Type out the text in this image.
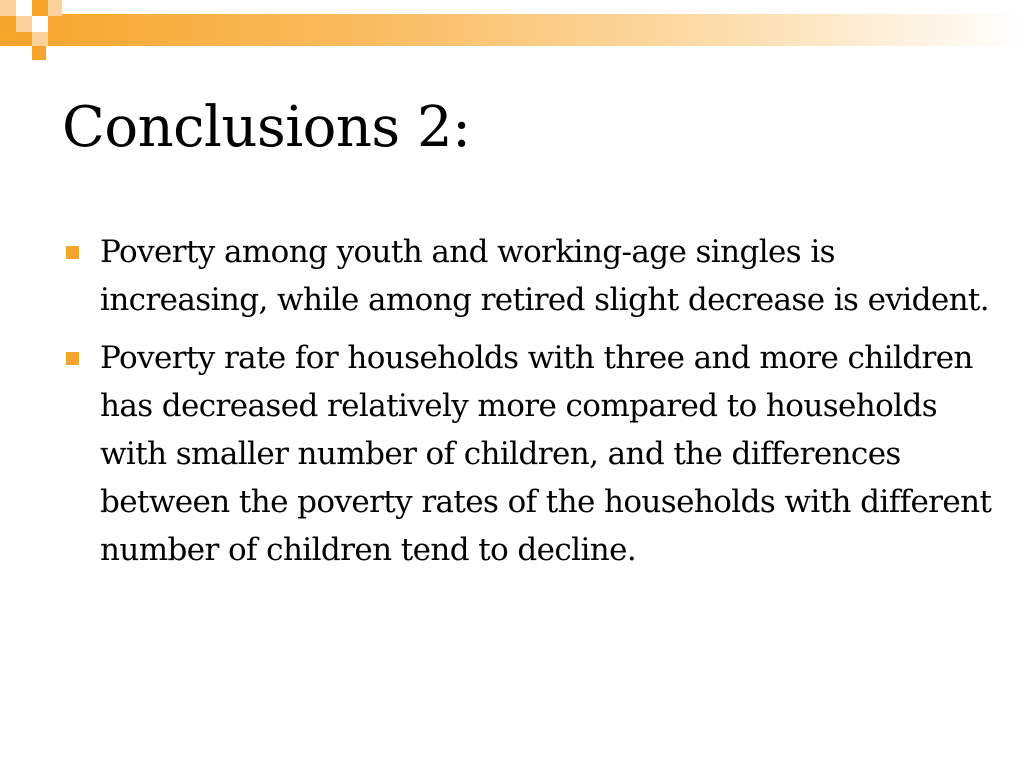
Conclusions 2:
Poverty among youth and working-age singles is increasing, while among retired slight decrease is evident.
Poverty rate for households with three and more children has decreased relatively more compared to households with smaller number of children, and the differences between the poverty rates of the households with different number of children tend to decline.
